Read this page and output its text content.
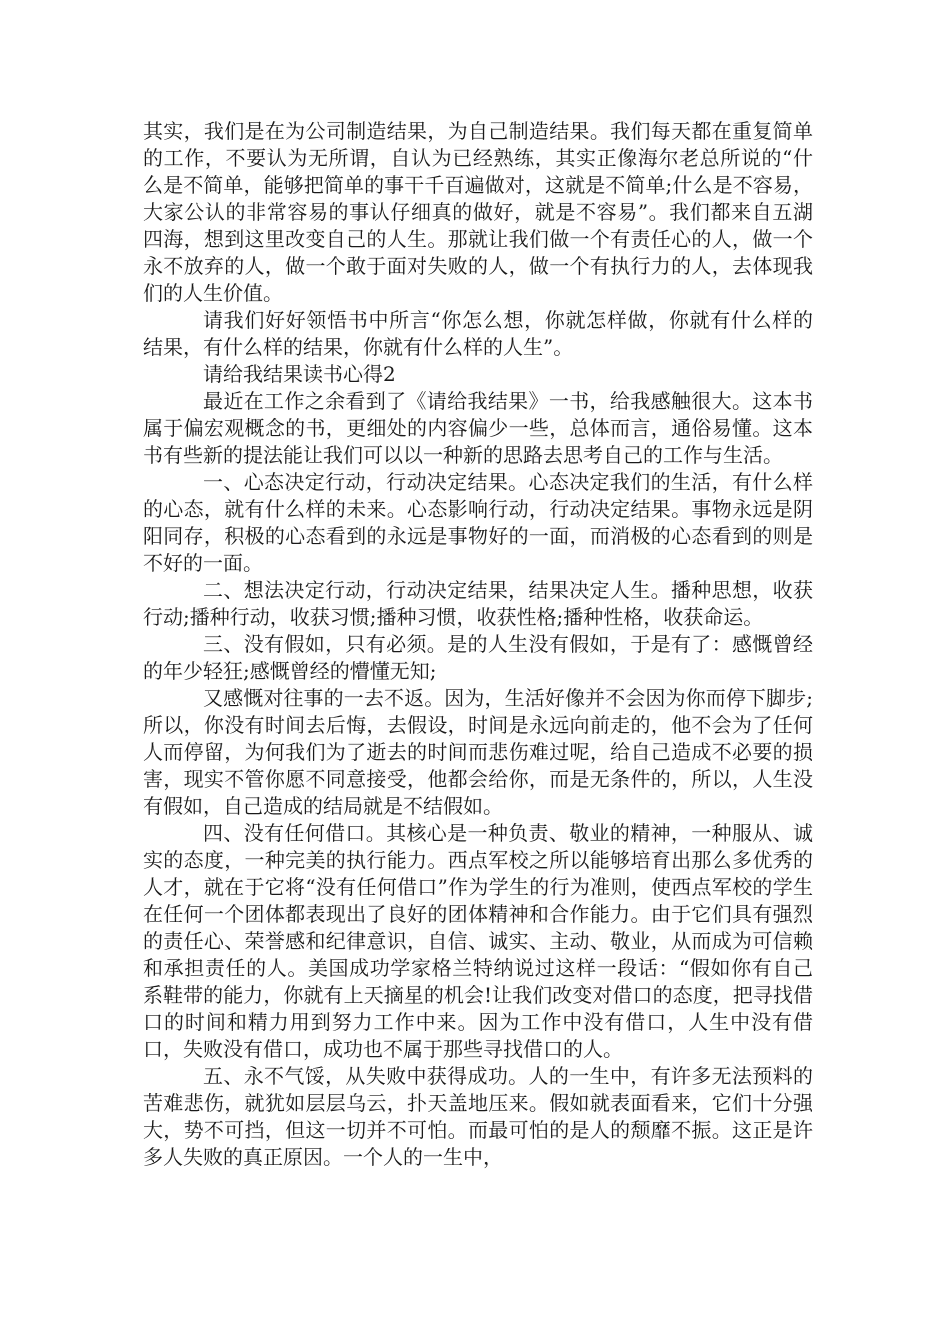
其实，我们是在为公司制造结果，为自己制造结果。我们每天都在重复简单的工作，不要认为无所谓，自认为已经熟练，其实正像海尔老总所说的“什么是不简单，能够把简单的事干千百遍做对，这就是不简单;什么是不容易，大家公认的非常容易的事认仔细真的做好，就是不容易”。我们都来自五湖四海，想到这里改变自己的人生。那就让我们做一个有责任心的人，做一个永不放弃的人，做一个敢于面对失败的人，做一个有执行力的人，去体现我们的人生价值。

请我们好好领悟书中所言“你怎么想，你就怎样做，你就有什么样的结果，有什么样的结果，你就有什么样的人生”。

请给我结果读书心得2

最近在工作之余看到了《请给我结果》一书，给我感触很大。这本书属于偏宏观概念的书，更细处的内容偏少一些，总体而言，通俗易懂。这本书有些新的提法能让我们可以以一种新的思路去思考自己的工作与生活。

一、心态决定行动，行动决定结果。心态决定我们的生活，有什么样的心态，就有什么样的未来。心态影响行动，行动决定结果。事物永远是阴阳同存，积极的心态看到的永远是事物好的一面，而消极的心态看到的则是不好的一面。

二、想法决定行动，行动决定结果，结果决定人生。播种思想，收获行动;播种行动，收获习惯;播种习惯，收获性格;播种性格，收获命运。

三、没有假如，只有必须。是的人生没有假如，于是有了：感慨曾经的年少轻狂;感慨曾经的懵懂无知;

又感慨对往事的一去不返。因为，生活好像并不会因为你而停下脚步;所以，你没有时间去后悔，去假设，时间是永远向前走的，他不会为了任何人而停留，为何我们为了逝去的时间而悲伤难过呢，给自己造成不必要的损害，现实不管你愿不同意接受，他都会给你，而是无条件的，所以，人生没有假如，自己造成的结局就是不结假如。

四、没有任何借口。其核心是一种负责、敬业的精神，一种服从、诚实的态度，一种完美的执行能力。西点军校之所以能够培育出那么多优秀的人才，就在于它将“没有任何借口”作为学生的行为准则，使西点军校的学生在任何一个团体都表现出了良好的团体精神和合作能力。由于它们具有强烈的责任心、荣誉感和纪律意识，自信、诚实、主动、敬业，从而成为可信赖和承担责任的人。美国成功学家格兰特纳说过这样一段话：“假如你有自己系鞋带的能力，你就有上天摘星的机会!让我们改变对借口的态度，把寻找借口的时间和精力用到努力工作中来。因为工作中没有借口，人生中没有借口，失败没有借口，成功也不属于那些寻找借口的人。

五、永不气馁，从失败中获得成功。人的一生中，有许多无法预料的苦难悲伤，就犹如层层乌云，扑天盖地压来。假如就表面看来，它们十分强大，势不可挡，但这一切并不可怕。而最可怕的是人的颓靡不振。这正是许多人失败的真正原因。一个人的一生中，
